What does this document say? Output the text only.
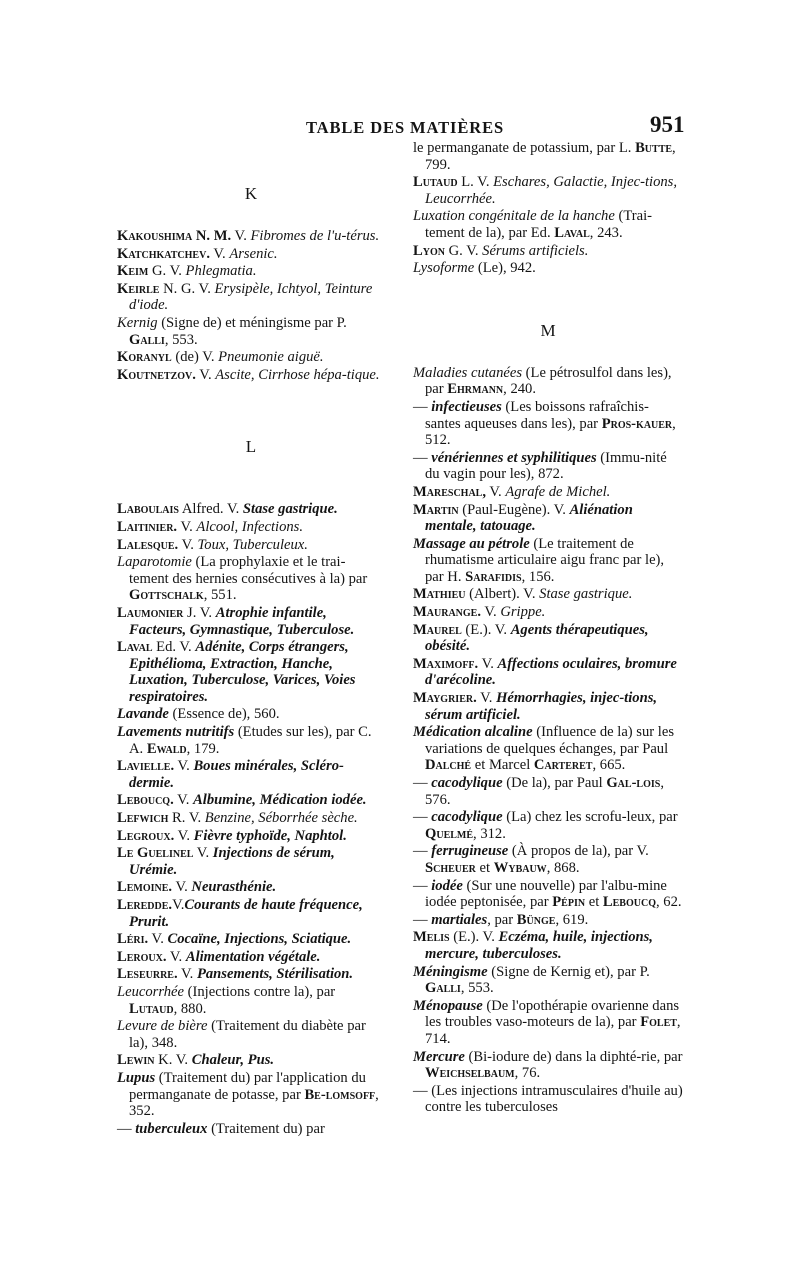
TABLE DES MATIÈRES	951
K
Kakoushima N. M. V. Fibromes de l'u-térus.
Katchkatchev. V. Arsenic.
Keim G. V. Phlegmatia.
Keirle N. G. V. Erysipèle, Ichtyol, Teinture d'iode.
Kernig (Signe de) et méningisme par P. Galli, 553.
Koranyl (de) V. Pneumonie aiguë.
Koutnetzov. V. Ascite, Cirrhose hépa-tique.
L
Laboulais Alfred. V. Stase gastrique.
Laitinier. V. Alcool, Infections.
Lalesque. V. Toux, Tuberculeux.
Laparotomie (La prophylaxie et le trai-tement des hernies consécutives à la) par Gottschalk, 551.
Laumonier J. V. Atrophie infantile, Facteurs, Gymnastique, Tuberculose.
Laval Ed. V. Adénite, Corps étrangers, Epithélioma, Extraction, Hanche, Luxation, Tuberculose, Varices, Voies respiratoires.
Lavande (Essence de), 560.
Lavements nutritifs (Etudes sur les), par C. A. Ewald, 179.
Lavielle. V. Boues minérales, Scléro-dermie.
Leboucq. V. Albumine, Médication iodée.
Lefwich R. V. Benzine, Séborrhée sèche.
Legroux. V. Fièvre typhoïde, Naphtol.
Le Guelinel V. Injections de sérum, Urémie.
Lemoine. V. Neurasthénie.
Leredde.V.Courants de haute fréquence, Prurit.
Léri. V. Cocaïne, Injections, Sciatique.
Leroux. V. Alimentation végétale.
Leseurre. V. Pansements, Stérilisation.
Leucorrhée (Injections contre la), par Lutaud, 880.
Levure de bière (Traitement du diabète par la), 348.
Lewin K. V. Chaleur, Pus.
Lupus (Traitement du) par l'application du permanganate de potasse, par Be-lomsoff, 352.
— tuberculeux (Traitement du) par
le permanganate de potassium, par L. Butte, 799.
Lutaud L. V. Eschares, Galactie, Injec-tions, Leucorrhée.
Luxation congénitale de la hanche (Trai-tement de la), par Ed. Laval, 243.
Lyon G. V. Sérums artificiels.
Lysoforme (Le), 942.
M
Maladies cutanées (Le pétrosulfol dans les), par Ehrmann, 240.
— infectieuses (Les boissons rafraîchis-santes aqueuses dans les), par Pros-kauer, 512.
— vénériennes et syphilitiques (Immu-nité du vagin pour les), 872.
Mareschal, V. Agrafe de Michel.
Martin (Paul-Eugène). V. Aliénation mentale, tatouage.
Massage au pétrole (Le traitement de rhumatisme articulaire aigu franc par le), par H. Sarafidis, 156.
Mathieu (Albert). V. Stase gastrique.
Maurange. V. Grippe.
Maurel (E.). V. Agents thérapeutiques, obésité.
Maximoff. V. Affections oculaires, bromure d'arécoline.
Maygrier. V. Hémorrhagies, injec-tions, sérum artificiel.
Médication alcaline (Influence de la) sur les variations de quelques échanges, par Paul Dalché et Marcel Carteret, 665.
— cacodylique (De la), par Paul Gal-lois, 576.
— cacodylique (La) chez les scrofu-leux, par Quelmé, 312.
— ferrugineuse (À propos de la), par V. Scheuer et Wybauw, 868.
— iodée (Sur une nouvelle) par l'albu-mine iodée peptonisée, par Pépin et Leboucq, 62.
— martiales, par Bünge, 619.
Melis (E.). V. Eczéma, huile, injections, mercure, tuberculoses.
Méningisme (Signe de Kernig et), par P. Galli, 553.
Ménopause (De l'opothérapie ovarienne dans les troubles vaso-moteurs de la), par Folet, 714.
Mercure (Bi-iodure de) dans la diphté-rie, par Weichselbaum, 76.
— (Les injections intramusculaires d'huile au) contre les tuberculoses
